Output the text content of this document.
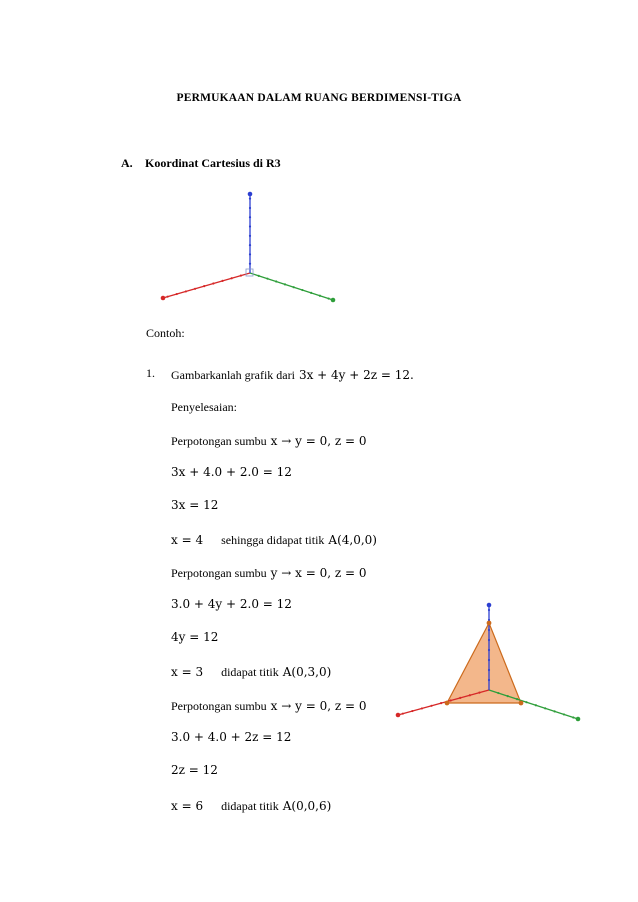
PERMUKAAN DALAM RUANG BERDIMENSI-TIGA
A. Koordinat Cartesius di R3
Contoh:
1. Gambarkanlah grafik dari 3x + 4y + 2z = 12.
Penyelesaian:
Perpotongan sumbu x → y = 0, z = 0
3x + 4.0 + 2.0 = 12
3x = 12
x = 4 sehingga didapat titik A(4,0,0)
Perpotongan sumbu y → x = 0, z = 0
3.0 + 4y + 2.0 = 12
4y = 12
x = 3 didapat titik A(0,3,0)
Perpotongan sumbu x → y = 0, z = 0
3.0 + 4.0 + 2z = 12
2z = 12
x = 6 didapat titik A(0,0,6)
